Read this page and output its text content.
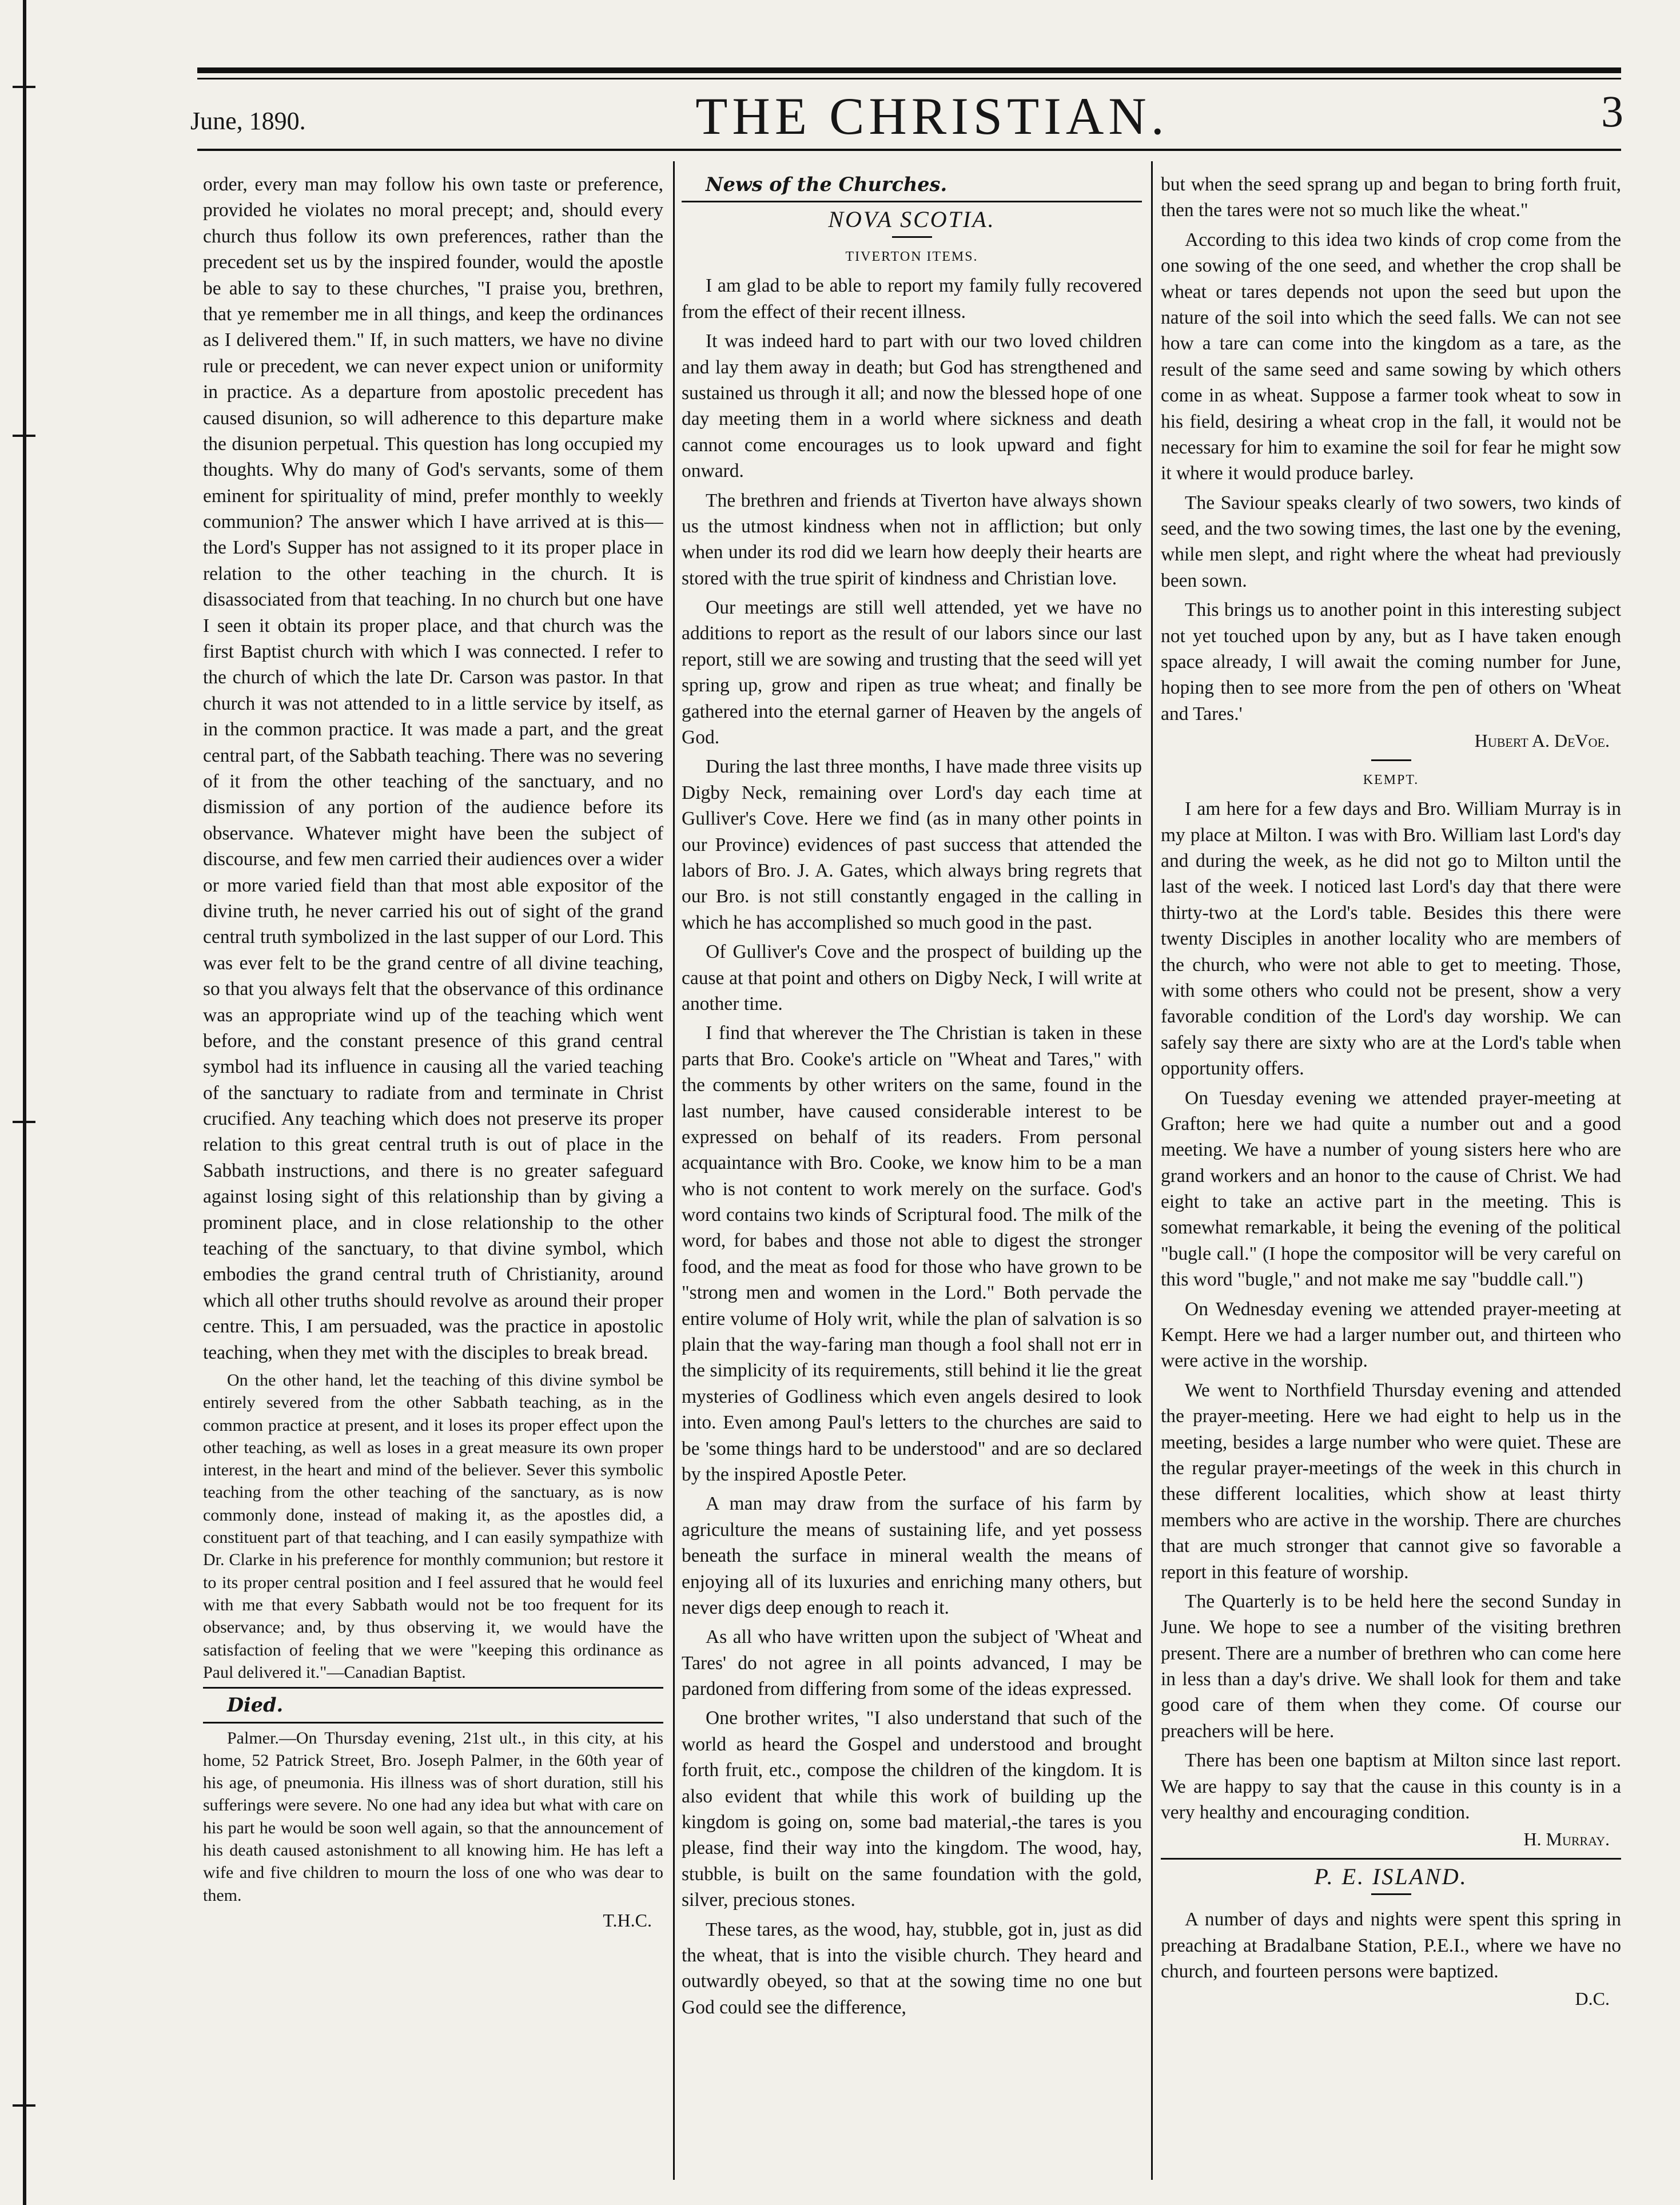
June, 1890.	THE CHRISTIAN.	3

order, every man may follow his own taste or preference, provided he violates no moral precept; and, should every church thus follow its own preferences, rather than the precedent set us by the inspired founder, would the apostle be able to say to these churches, "I praise you, brethren, that ye remember me in all things, and keep the ordinances as I delivered them." If, in such matters, we have no divine rule or precedent, we can never expect union or uniformity in practice. As a departure from apostolic precedent has caused disunion, so will adherence to this departure make the disunion perpetual. This question has long occupied my thoughts. Why do many of God's servants, some of them eminent for spirituality of mind, prefer monthly to weekly communion? The answer which I have arrived at is this—the Lord's Supper has not assigned to it its proper place in relation to the other teaching in the church. It is disassociated from that teaching. In no church but one have I seen it obtain its proper place, and that church was the first Baptist church with which I was connected. I refer to the church of which the late Dr. Carson was pastor. In that church it was not attended to in a little service by itself, as in the common practice. It was made a part, and the great central part, of the Sabbath teaching. There was no severing of it from the other teaching of the sanctuary, and no dismission of any portion of the audience before its observance. Whatever might have been the subject of discourse, and few men carried their audiences over a wider or more varied field than that most able expositor of the divine truth, he never carried his out of sight of the grand central truth symbolized in the last supper of our Lord. This was ever felt to be the grand centre of all divine teaching, so that you always felt that the observance of this ordinance was an appropriate wind up of the teaching which went before, and the constant presence of this grand central symbol had its influence in causing all the varied teaching of the sanctuary to radiate from and terminate in Christ crucified. Any teaching which does not preserve its proper relation to this great central truth is out of place in the Sabbath instructions, and there is no greater safeguard against losing sight of this relationship than by giving a prominent place, and in close relationship to the other teaching of the sanctuary, to that divine symbol, which embodies the grand central truth of Christianity, around which all other truths should revolve as around their proper centre. This, I am persuaded, was the practice in apostolic teaching, when they met with the disciples to break bread.

On the other hand, let the teaching of this divine symbol be entirely severed from the other Sabbath teaching, as in the common practice at present, and it loses its proper effect upon the other teaching, as well as loses in a great measure its own proper interest, in the heart and mind of the believer. Sever this symbolic teaching from the other teaching of the sanctuary, as is now commonly done, instead of making it, as the apostles did, a constituent part of that teaching, and I can easily sympathize with Dr. Clarke in his preference for monthly communion; but restore it to its proper central position and I feel assured that he would feel with me that every Sabbath would not be too frequent for its observance; and, by thus observing it, we would have the satisfaction of feeling that we were "keeping this ordinance as Paul delivered it."—Canadian Baptist.

Died.

Palmer.—On Thursday evening, 21st ult., in this city, at his home, 52 Patrick Street, Bro. Joseph Palmer, in the 60th year of his age, of pneumonia. His illness was of short duration, still his sufferings were severe. No one had any idea but what with care on his part he would be soon well again, so that the announcement of his death caused astonishment to all knowing him. He has left a wife and five children to mourn the loss of one who was dear to them.

T.H.C.

News of the Churches.

NOVA SCOTIA.
TIVERTON ITEMS.

I am glad to be able to report my family fully recovered from the effect of their recent illness.

It was indeed hard to part with our two loved children and lay them away in death; but God has strengthened and sustained us through it all; and now the blessed hope of one day meeting them in a world where sickness and death cannot come encourages us to look upward and fight onward.

The brethren and friends at Tiverton have always shown us the utmost kindness when not in affliction; but only when under its rod did we learn how deeply their hearts are stored with the true spirit of kindness and Christian love.

Our meetings are still well attended, yet we have no additions to report as the result of our labors since our last report, still we are sowing and trusting that the seed will yet spring up, grow and ripen as true wheat; and finally be gathered into the eternal garner of Heaven by the angels of God.

During the last three months, I have made three visits up Digby Neck, remaining over Lord's day each time at Gulliver's Cove. Here we find (as in many other points in our Province) evidences of past success that attended the labors of Bro. J. A. Gates, which always bring regrets that our Bro. is not still constantly engaged in the calling in which he has accomplished so much good in the past.

Of Gulliver's Cove and the prospect of building up the cause at that point and others on Digby Neck, I will write at another time.

I find that wherever the The Christian is taken in these parts that Bro. Cooke's article on "Wheat and Tares," with the comments by other writers on the same, found in the last number, have caused considerable interest to be expressed on behalf of its readers. From personal acquaintance with Bro. Cooke, we know him to be a man who is not content to work merely on the surface. God's word contains two kinds of Scriptural food. The milk of the word, for babes and those not able to digest the stronger food, and the meat as food for those who have grown to be "strong men and women in the Lord." Both pervade the entire volume of Holy writ, while the plan of salvation is so plain that the way-faring man though a fool shall not err in the simplicity of its requirements, still behind it lie the great mysteries of Godliness which even angels desired to look into. Even among Paul's letters to the churches are said to be 'some things hard to be understood" and are so declared by the inspired Apostle Peter.

A man may draw from the surface of his farm by agriculture the means of sustaining life, and yet possess beneath the surface in mineral wealth the means of enjoying all of its luxuries and enriching many others, but never digs deep enough to reach it.

As all who have written upon the subject of 'Wheat and Tares' do not agree in all points advanced, I may be pardoned from differing from some of the ideas expressed.

One brother writes, "I also understand that such of the world as heard the Gospel and understood and brought forth fruit, etc., compose the children of the kingdom. It is also evident that while this work of building up the kingdom is going on, some bad material,-the tares is you please, find their way into the kingdom. The wood, hay, stubble, is built on the same foundation with the gold, silver, precious stones.

These tares, as the wood, hay, stubble, got in, just as did the wheat, that is into the visible church. They heard and outwardly obeyed, so that at the sowing time no one but God could see the difference,

but when the seed sprang up and began to bring forth fruit, then the tares were not so much like the wheat."

According to this idea two kinds of crop come from the one sowing of the one seed, and whether the crop shall be wheat or tares depends not upon the seed but upon the nature of the soil into which the seed falls. We can not see how a tare can come into the kingdom as a tare, as the result of the same seed and same sowing by which others come in as wheat. Suppose a farmer took wheat to sow in his field, desiring a wheat crop in the fall, it would not be necessary for him to examine the soil for fear he might sow it where it would produce barley.

The Saviour speaks clearly of two sowers, two kinds of seed, and the two sowing times, the last one by the evening, while men slept, and right where the wheat had previously been sown.

This brings us to another point in this interesting subject not yet touched upon by any, but as I have taken enough space already, I will await the coming number for June, hoping then to see more from the pen of others on 'Wheat and Tares.'

Hubert A. DeVoe.
KEMPT.

I am here for a few days and Bro. William Murray is in my place at Milton. I was with Bro. William last Lord's day and during the week, as he did not go to Milton until the last of the week. I noticed last Lord's day that there were thirty-two at the Lord's table. Besides this there were twenty Disciples in another locality who are members of the church, who were not able to get to meeting. Those, with some others who could not be present, show a very favorable condition of the Lord's day worship. We can safely say there are sixty who are at the Lord's table when opportunity offers.

On Tuesday evening we attended prayer-meeting at Grafton; here we had quite a number out and a good meeting. We have a number of young sisters here who are grand workers and an honor to the cause of Christ. We had eight to take an active part in the meeting. This is somewhat remarkable, it being the evening of the political "bugle call." (I hope the compositor will be very careful on this word "bugle," and not make me say "buddle call.")

On Wednesday evening we attended prayer-meeting at Kempt. Here we had a larger number out, and thirteen who were active in the worship.

We went to Northfield Thursday evening and attended the prayer-meeting. Here we had eight to help us in the meeting, besides a large number who were quiet. These are the regular prayer-meetings of the week in this church in these different localities, which show at least thirty members who are active in the worship. There are churches that are much stronger that cannot give so favorable a report in this feature of worship.

The Quarterly is to be held here the second Sunday in June. We hope to see a number of the visiting brethren present. There are a number of brethren who can come here in less than a day's drive. We shall look for them and take good care of them when they come. Of course our preachers will be here.

There has been one baptism at Milton since last report. We are happy to say that the cause in this county is in a very healthy and encouraging condition.

H. Murray.
P. E. ISLAND.

A number of days and nights were spent this spring in preaching at Bradalbane Station, P.E.I., where we have no church, and fourteen persons were baptized.

D.C.
